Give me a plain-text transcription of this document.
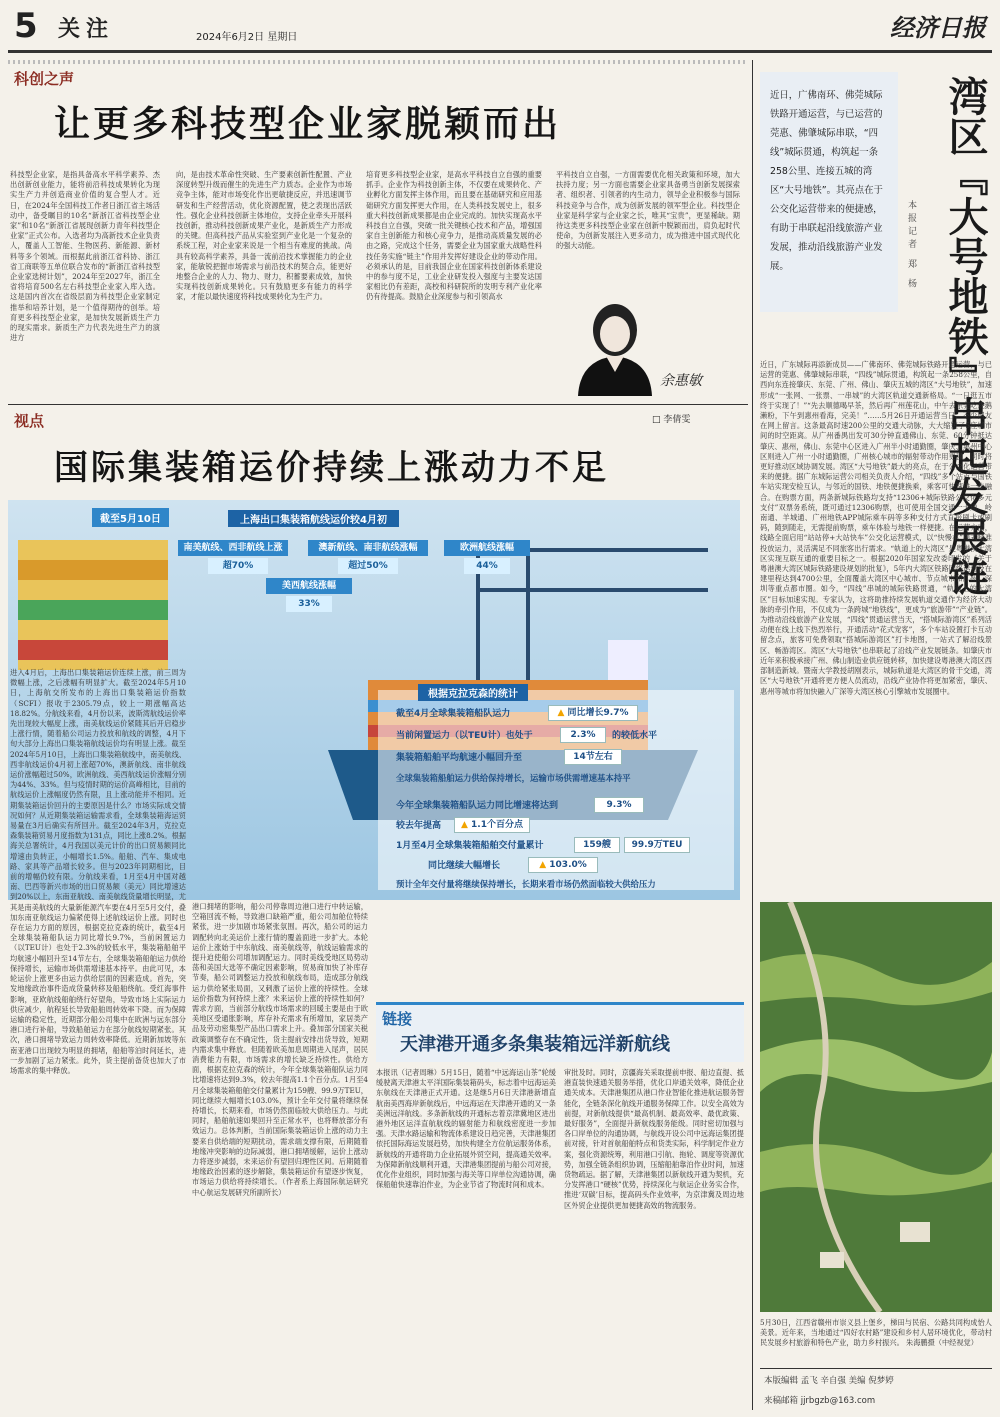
5 关注	2024年6月2日 星期日	经济日报
科创之声
让更多科技型企业家脱颖而出
科技型企业家，是指具备高水平科学素养、杰出创新创业能力，能将前沿科技成果转化为现实生产力并创造商业价值的复合型人才。近日，在2024年全国科技工作者日浙江省主场活动中，备受瞩目的10名“新浙江省科技型企业家”和10名“新浙江省展现创新力青年科技型企业家”正式公布。入选者均为高新技术企业负责人，覆盖人工智能、生物医药、新能源、新材料等多个领域。而根据此前浙江省科协、浙江省工商联等五单位联合发布的“新浙江省科技型企业家选树计划”，2024年至2027年，浙江全省将培育500名左右科技型企业家入库入选。这是国内首次在省级层面为科技型企业家制定推举和培养计划，是一个值得期待的创举。培育更多科技型企业家，是加快发展新质生产力的现实需求。新质生产力代表先进生产力的演进方
向，是由技术革命性突破、生产要素创新性配置、产业深度转型升级而催生的先进生产力质态。企业作为市场竞争主体，能对市场变化作出更敏捷反应，并迅速调节研发和生产经营活动，优化资源配置，使之表现出活跃性。强化企业科技创新主体地位，支持企业牵头开展科技创新，推动科技创新成果产业化，是新质生产力形成的关键。但高科技产品从实验室到产业化是一个复杂的系统工程，对企业家来说是一个相当有难度的挑战。尚具有较高科学素养，具备一流前沿技术掌握能力的企业家，能敏锐把握市场需求与前沿技术的契合点，能更好地整合企业的人力、物力、财力，积蓄要素成效，加快实现科技创新成果转化。只有鼓励更多有能力的科学家，才能以最快速度将科技成果转化为生产力。
培育更多科技型企业家，是高水平科技自立自强的重要抓手。企业作为科技创新主体，不仅要在成果转化、产业孵化方面发挥主体作用，而且要在基础研究和应用基础研究方面发挥更大作用，在人类科技发展史上，很多重大科技创新成果都是由企业完成的。加快实现高水平科技自立自强，突破一批关键核心技术和产品，增强国家自主创新能力和核心竞争力，是推动高质量发展的必由之路，完成这个任务，需要企业为国家重大战略性科技任务实施“链主”作用并发挥好建设企业的带动作用。必须承认的是，目前我国企业在国家科技创新体系建设中的参与度不足，工业企业研发投入强度与主要发达国家相比仍有差距，高校和科研院所的发明专利产业化率仍有待提高。鼓励企业深度参与和引领高水
平科技自立自强，一方面需要优化相关政策和环境，加大扶持力度；另一方面也需要企业家具备勇当创新发展探索者、组织者、引领者的内生动力，领导企业积极参与国际科技竞争与合作，成为创新发展的领军型企业。科技型企业家是科学家与企业家之长，唯其“宝贵”，更显稀缺。期待这类更多科技型企业家在创新中脱颖而出，肩负起时代使命，为创新发展注入更多动力，成为推进中国式现代化的强大动能。
余惠敏
视点	□ 李倩雯
国际集装箱运价持续上涨动力不足
截至5月10日	上海出口集装箱航线运价较4月初
南美航线、西非航线上涨
超70%
澳新航线、南非航线涨幅
超过50%
欧洲航线涨幅
44%
美西航线涨幅
33%
根据克拉克森的统计
截至4月全球集装箱船队运力	▲ 同比增长9.7%
当前闲置运力（以TEU计）也处于	2.3%	的较低水平
集装箱船舶平均航速小幅回升至	14节左右
全球集装箱船舶运力供给保持增长，运输市场供需增速基本持平
今年全球集装箱船队运力同比增速将达到	9.3%
较去年提高	▲ 1.1个百分点
1月至4月全球集装箱船舶交付量累计	159艘	99.9万TEU
同比继续大幅增长	▲ 103.0%
预计全年交付量将继续保持增长，长期来看市场仍然面临较大供给压力
进入4月后，上海出口集装箱运价连续上涨，前三周为微幅上涨，之后涨幅有明显扩大。截至2024年5月10日，上海航交所发布的上海出口集装箱运价指数（SCFI）报收于2305.79点，较上一期涨幅高达18.82%。分航线来看，4月份以来，波斯湾航线运价率先出现较大幅度上涨，南美航线运价紧随其后开启稳步上涨行情，随着船公司运力投放和航线的调整，4月下旬大部分上海出口集装箱航线运价均有明显上涨。截至2024年5月10日，上海出口集装箱航线中，南美航线、西非航线运价4月初上涨超70%，澳新航线、南非航线运价涨幅超过50%，欧洲航线、美西航线运价涨幅分别为44%、33%。但与疫情时期的运价高峰相比，目前的航线运价上涨幅度仍然有限，且上涨动能并不相同。近期集装箱运价回升的主要原因是什么？市场实际成交情况如何？从近期集装箱运输需求看，全球集装箱海运贸易量在3月后确实有所回升。截至2024年3月，克拉克森集装箱贸易月度指数为131点，同比上涨8.2%。根据海关总署统计，4月我国以美元计价的出口贸易额同比增速由负转正，小幅增长1.5%。船舶、汽车、集成电路、家具等产品增长较多。但与2023年同期相比，目前的增幅仍较有限。分航线来看，1月至4月中国对越南、巴西等新兴市场的出口贸易额（美元）同比增速达到20%以上，东南亚航线、南美航线货量增长明显，尤其是南美航线的大量新能源汽车要在4月至5月交付，叠加东南亚航线运力偏紧使得上述航线运价上涨。同时也存在运力方面的原因，根据克拉克森的统计，截至4月全球集装箱船队运力同比增长9.7%，当前闲置运力（以TEU计）也处于2.3%的较低水平，集装箱船舶平均航速小幅回升至14节左右，全球集装箱船舶运力供给保持增长，运输市场供需增速基本持平。由此可见，本轮运价上涨更多由运力供给层面的因素造成。首先，突发地缘政治事件造成货量转移及船舶绕航。受红海事件影响，亚欧航线船舶绕行好望角，导致市场上实际运力供应减少，航程延长导致船舶周转效率下降。而为保障运输的稳定性，近期部分船公司集中在欧洲与远东部分港口进行补船，导致船舶运力在部分航线短期紧张。其次，港口拥堵导致运力周转效率降低。近期新加坡等东南亚港口出现较为明显的拥堵，船舶等泊时间延长，进一步加剧了运力紧张。此外，货主提前备货也加大了市场需求的集中释放。
港口拥堵的影响，船公司停靠周边港口进行中转运输，空箱回流不畅，导致港口缺箱严重，船公司加舱位特续紧张，进一步加剧市场紧张氛围。再次，船公司的运力调配转向北美运价上涨行情的覆盖面进一步扩大。本轮运价上涨始于中东航线、南美航线等，航线运输需求的提升迫使船公司增加调配运力。同时美线受地区局势动荡和美国大选等不确定因素影响，贸易商加快了补库存节奏，船公司调整运力投放和航线布局，造成部分航线运力供给紧张局面，又刺激了运价上涨的持续性。全球运价指数为何持续上涨？未来运价上涨的持续性如何？需求方面，当前部分航线市场需求的回暖主要是由于欧美地区受通胀影响，库存补充需求有所增加，家居类产品及劳动密集型产品出口需求上升。叠加部分国家关税政策调整存在不确定性，货主提前安排出货导致，短期内需求集中释放。但随着欧美加息周期进入尾声，居民消费能力有限，市场需求的增长缺乏持续性。供给方面，根据克拉克森的统计，今年全球集装箱船队运力同比增速将达到9.3%，较去年提高1.1个百分点。1月至4月全球集装箱船舶交付量累计为159艘、99.9万TEU，同比继续大幅增长103.0%，预计全年交付量将继续保持增长，长期来看，市场仍然面临较大供给压力。与此同时，船舶航速如果回升至正常水平，也将释放部分有效运力。总体判断，当前国际集装箱运价上涨的动力主要来自供给端的短期扰动，需求端支撑有限，后期随着地缘冲突影响的边际减弱，港口拥堵缓解，运价上涨动力将逐步减弱，未来运价有望回归理性区间。后期随着地缘政治因素的逐步解除，集装箱运价有望逐步恢复，市场运力供给将持续增长。（作者系上海国际航运研究中心航运发展研究所副所长）
链接
天津港开通多条集装箱远洋新航线
本报讯（记者周琳）5月15日，随着“中远海运山茶”轮缓缓驶离天津港太平洋国际集装箱码头，标志着中远海运美东航线在天津港正式开通。这是继5月6日天津港新增直航南美西海岸新航线后，中远海运在天津港开通的又一条美洲远洋航线。多条新航线的开通标志着京津冀地区进出港外地区运洋直航航线的辐射能力和航线密度进一步加强。天津水路运输和物流体系建设日趋完善，天津港集团依托国际海运发展趋势，加快构建全方位航运服务体系，新航线的开通将助力企业拓展外贸空间，提高通关效率。为保障新航线顺利开通，天津港集团提前与船公司对接，优化作业组织，同时加强与海关等口岸单位沟通协调，确保船舶快速靠泊作业，为企业节省了物流时间和成本。
审批及时。同时，京疆海关采取提前申报、船边直提、抵港直装快速通关服务举措，优化口岸通关效率，降低企业通关成本。天津港集团从港口作业智能化推进航运服务智能化，全链条深化航线开通服务保障工作。以安全高效为前提，对新航线提供“最高机制、最高效率、最优政策、最好服务”，全面提升新航线服务能级。同时密切加强与各口岸单位的沟通协调，与航线开设公司中远海运集团提前对接，针对首航船舶特点和货类实际，科学制定作业方案，强化资源统筹，利用港口引航、拖轮、调度等资源优势，加强全链条组织协调，压缩船舶靠泊作业时间，加速货物疏运。据了解，天津港集团以新航线开通为契机，充分发挥港口“硬核”优势，持续深化与航运企业务实合作，推进‘双碳’目标，提高码头作业效率，为京津冀及周边地区外贸企业提供更加便捷高效的物流服务。
近日，广佛南环、佛莞城际铁路开通运营，与已运营的莞惠、佛肇城际串联，“四线”城际贯通，构筑起一条258公里、连接五城的湾区“大号地铁”。其亮点在于公交化运营带来的便捷感，有助于串联起沿线旅游产业发展，推动沿线旅游产业发展。	湾区『大号地铁』串起发展链
本报记者 郑 杨
近日，广东城际再添新成员——广佛南环、佛莞城际铁路开通运营，与已运营的莞惠、佛肇城际串联，“四线”城际贯通，构筑起一条258公里，自西向东连接肇庆、东莞、广州、佛山、肇庆五城的湾区“大号地铁”，加速形成“一张网、一张票、一串城”的大湾区轨道交通新格局。“一日逛五市终于实现了！”“先去顺德喝早茶，然后再广州莲花山，中午去东莞吃烧鹅濑粉，下午到惠州看海，完美！”……5月26日开通运营当日，不少网友在网上留言。这条最高时速200公里的交通大动脉，大大缩短了5座城市间的时空距离。从广州番禺出发可30分钟直通佛山、东莞、60分钟抵达肇庆、惠州，佛山、东莞中心区进入广州半小时通勤圈，肇庆、惠州中心区则进入广州一小时通勤圈，广州核心城市的辐射带动作用更强，同时将更好推动区域协调发展。湾区“大号地铁”最大的亮点，在于公交化运营带来的便捷。据广东城际运营公司相关负责人介绍，“四线”多个站点与国铁车站实现安检互认，与邻近的国铁、地铁便捷换乘，乘客可快速进一步融合。在购票方面，两条新城际铁路均支持“12306+城际铁路公交化多元支付”双票务系统，既可通过12306购票，也可使用全国交通一卡通、岭南通、羊城通、广州地铁APP城际乘车码等多种支付方式直接刷卡或刷码，随到随走，无需提前购票，乘车体验与地铁一样便捷。在运营方面，线路全面启用“站站停+大站快车”公交化运营模式，以“快慢车”模式精准投放运力，灵活满足不同旅客出行需求。“轨道上的大湾区”是粤港澳大湾区实现互联互通的重要目标之一。根据2020年国家发改委印发的《关于粤港澳大湾区城际铁路建设规划的批复》，5年内大湾区铁路网络运营及在建里程达到4700公里，全面覆盖大湾区中心城市、节点城市和广州、深圳等重点都市圈。如今，“四线”串城的城际铁路贯通，“轨道上的大湾区”目标加速实现。专家认为，这将助推持续发展轨道交通作为经济大动脉的牵引作用，不仅成为一条跨城“地铁线”，更成为“旅游带”“产业链”。为推动沿线旅游产业发展，“四线”贯通运营当天，“搭城际游湾区”系列活动便在线上线下热烈举行，开通活动“花式宠客”，多个车站设置打卡互动留念点，旅客可免费领取“搭城际游湾区”打卡地图，一站式了解沿线景区、畅游湾区。湾区“大号地铁”也串联起了沿线产业发展链条。如肇庆市近年来积极承接广州、佛山制造业供应链转移，加快建设粤港澳大湾区西部制造新城。暨南大学教授胡刚表示，城际轨道是大湾区的骨干交通，湾区“大号地铁”开通将更方便人员流动，沿线产业协作将更加紧密，肇庆、惠州等城市将加快融入广深等大湾区核心引擎城市发展圈中。
5月30日，江西省赣州市崇义县上堡乡，梯田与民宿、公路共同构成怡人美景。近年来，当地通过“四好农村路”建设和乡村人居环境优化，带动村民发展乡村旅游和特色产业，助力乡村振兴。 朱海鹏摄（中经视觉）
本版编辑 孟飞 辛自强 美编 倪梦婷
来稿邮箱 jjrbgzb@163.com
